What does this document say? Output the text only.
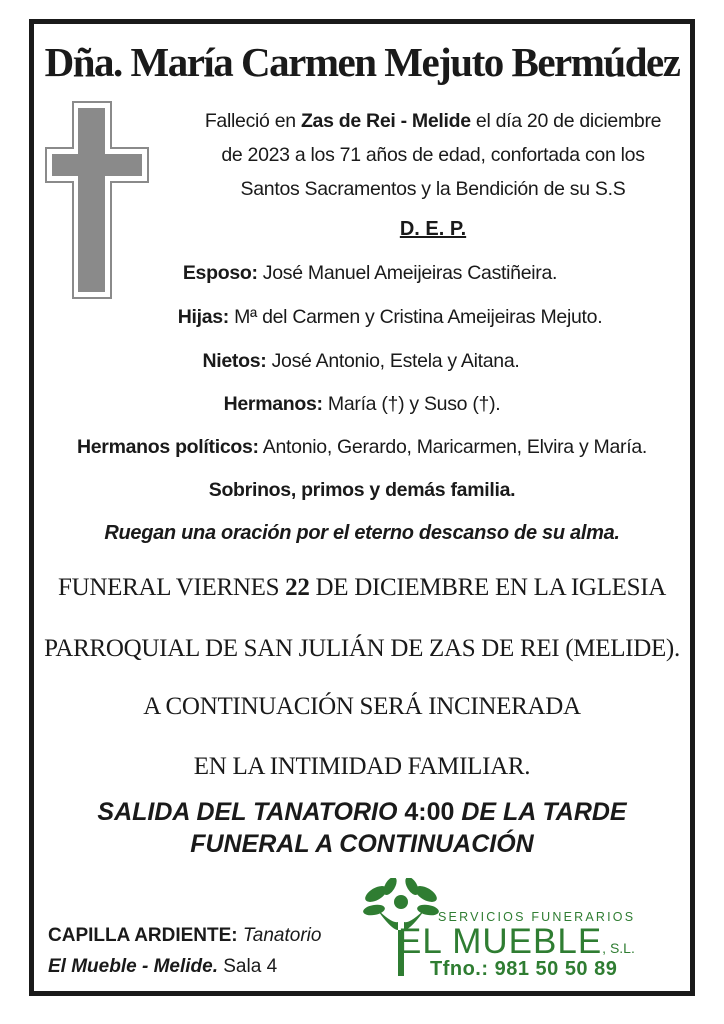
Dña. María Carmen Mejuto Bermúdez
Falleció en Zas de Rei - Melide el día 20 de diciembre
de 2023 a los 71 años de edad, confortada con los
Santos Sacramentos y la Bendición de su S.S
D. E. P.
Esposo: José Manuel Ameijeiras Castiñeira.
Hijas: Mª del Carmen y Cristina Ameijeiras Mejuto.
Nietos: José Antonio, Estela y Aitana.
Hermanos: María (†) y Suso (†).
Hermanos políticos: Antonio, Gerardo, Maricarmen, Elvira y María.
Sobrinos, primos y demás familia.
Ruegan una oración por el eterno descanso de su alma.
FUNERAL VIERNES 22 DE DICIEMBRE EN LA IGLESIA
PARROQUIAL DE SAN JULIÁN DE ZAS DE REI (MELIDE).
A CONTINUACIÓN SERÁ INCINERADA
EN LA INTIMIDAD FAMILIAR.
SALIDA DEL TANATORIO 4:00 DE LA TARDE
FUNERAL A CONTINUACIÓN
CAPILLA ARDIENTE: Tanatorio
El Mueble - Melide. Sala 4
SERVICIOS FUNERARIOS
EL MUEBLE, S.L.
Tfno.: 981 50 50 89
